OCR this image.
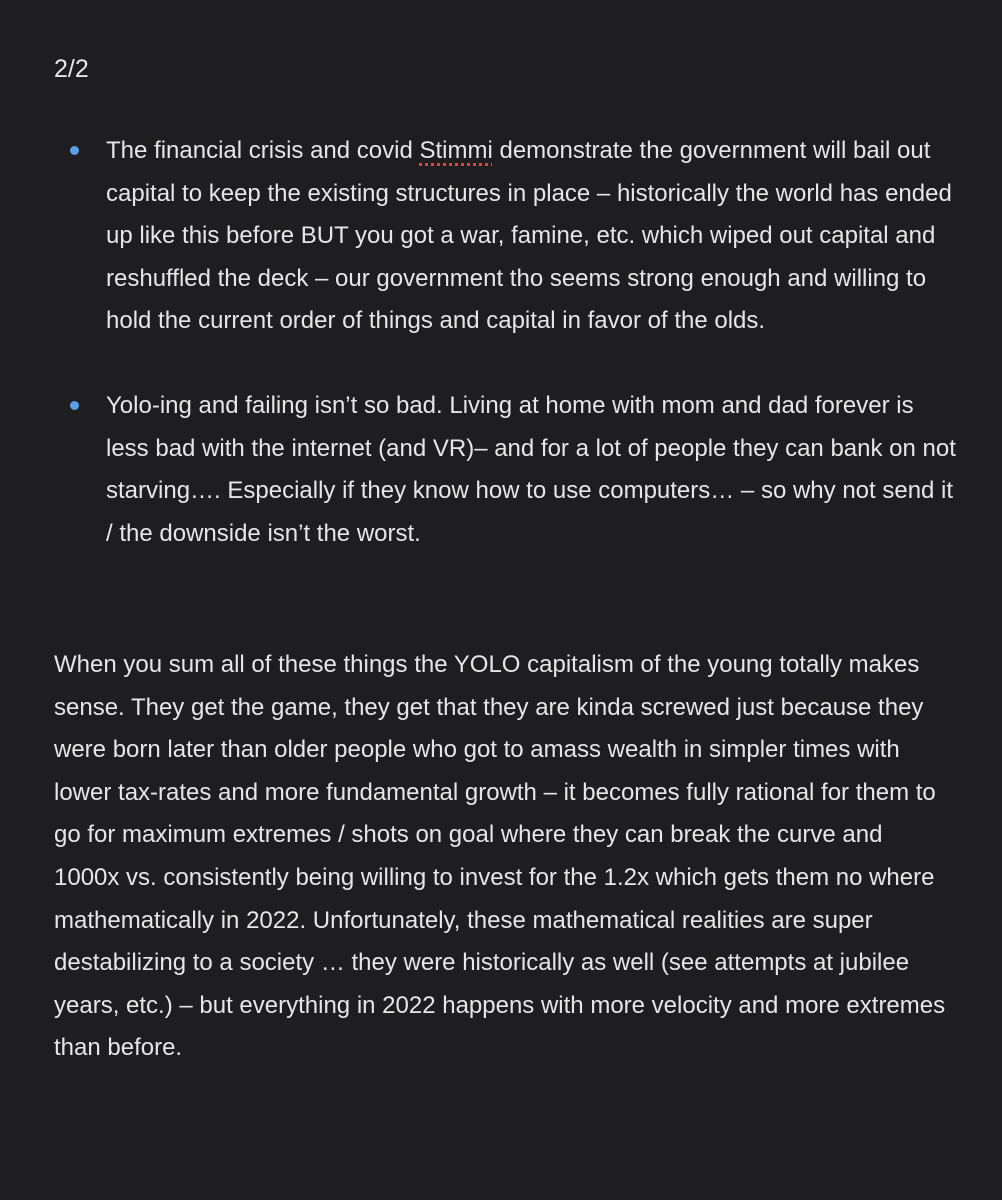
2/2
The financial crisis and covid Stimmi demonstrate the government will bail out capital to keep the existing structures in place – historically the world has ended up like this before BUT you got a war, famine, etc. which wiped out capital and reshuffled the deck – our government tho seems strong enough and willing to hold the current order of things and capital in favor of the olds.
Yolo-ing and failing isn’t so bad. Living at home with mom and dad forever is less bad with the internet (and VR)– and for a lot of people they can bank on not starving…. Especially if they know how to use computers… – so why not send it / the downside isn’t the worst.

When you sum all of these things the YOLO capitalism of the young totally makes sense. They get the game, they get that they are kinda screwed just because they were born later than older people who got to amass wealth in simpler times with lower tax-rates and more fundamental growth – it becomes fully rational for them to go for maximum extremes / shots on goal where they can break the curve and 1000x vs. consistently being willing to invest for the 1.2x which gets them no where mathematically in 2022. Unfortunately, these mathematical realities are super destabilizing to a society … they were historically as well (see attempts at jubilee years, etc.) – but everything in 2022 happens with more velocity and more extremes than before.
